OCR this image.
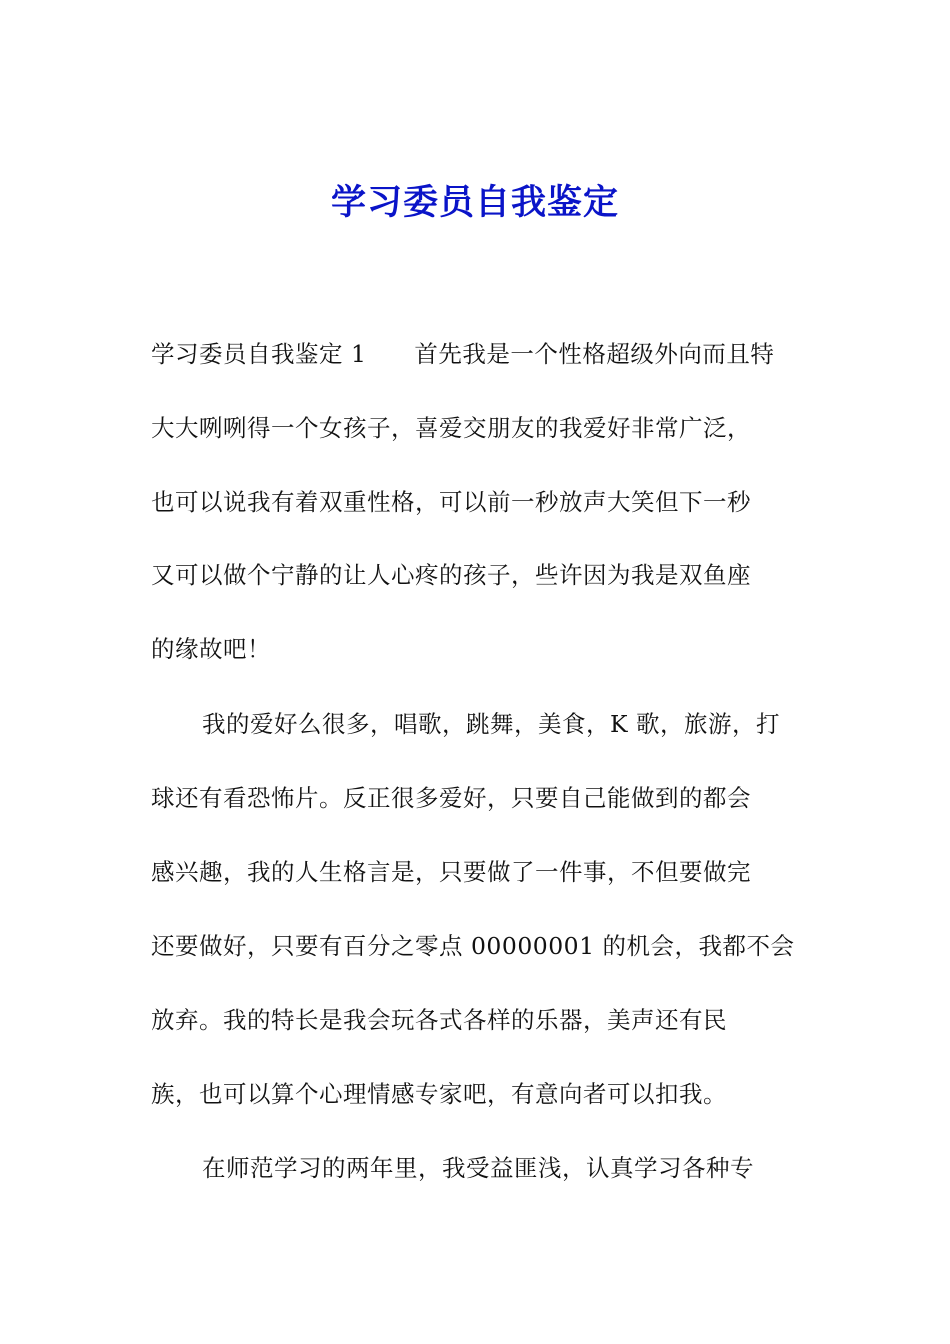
学习委员自我鉴定
学习委员自我鉴定 1　　首先我是一个性格超级外向而且特
大大咧咧得一个女孩子，喜爱交朋友的我爱好非常广泛，
也可以说我有着双重性格，可以前一秒放声大笑但下一秒
又可以做个宁静的让人心疼的孩子，些许因为我是双鱼座
的缘故吧！
我的爱好么很多，唱歌，跳舞，美食，K 歌，旅游，打
球还有看恐怖片。反正很多爱好，只要自己能做到的都会
感兴趣，我的人生格言是，只要做了一件事，不但要做完
还要做好，只要有百分之零点 00000001 的机会，我都不会
放弃。我的特长是我会玩各式各样的乐器，美声还有民
族，也可以算个心理情感专家吧，有意向者可以扣我。
在师范学习的两年里，我受益匪浅，认真学习各种专
